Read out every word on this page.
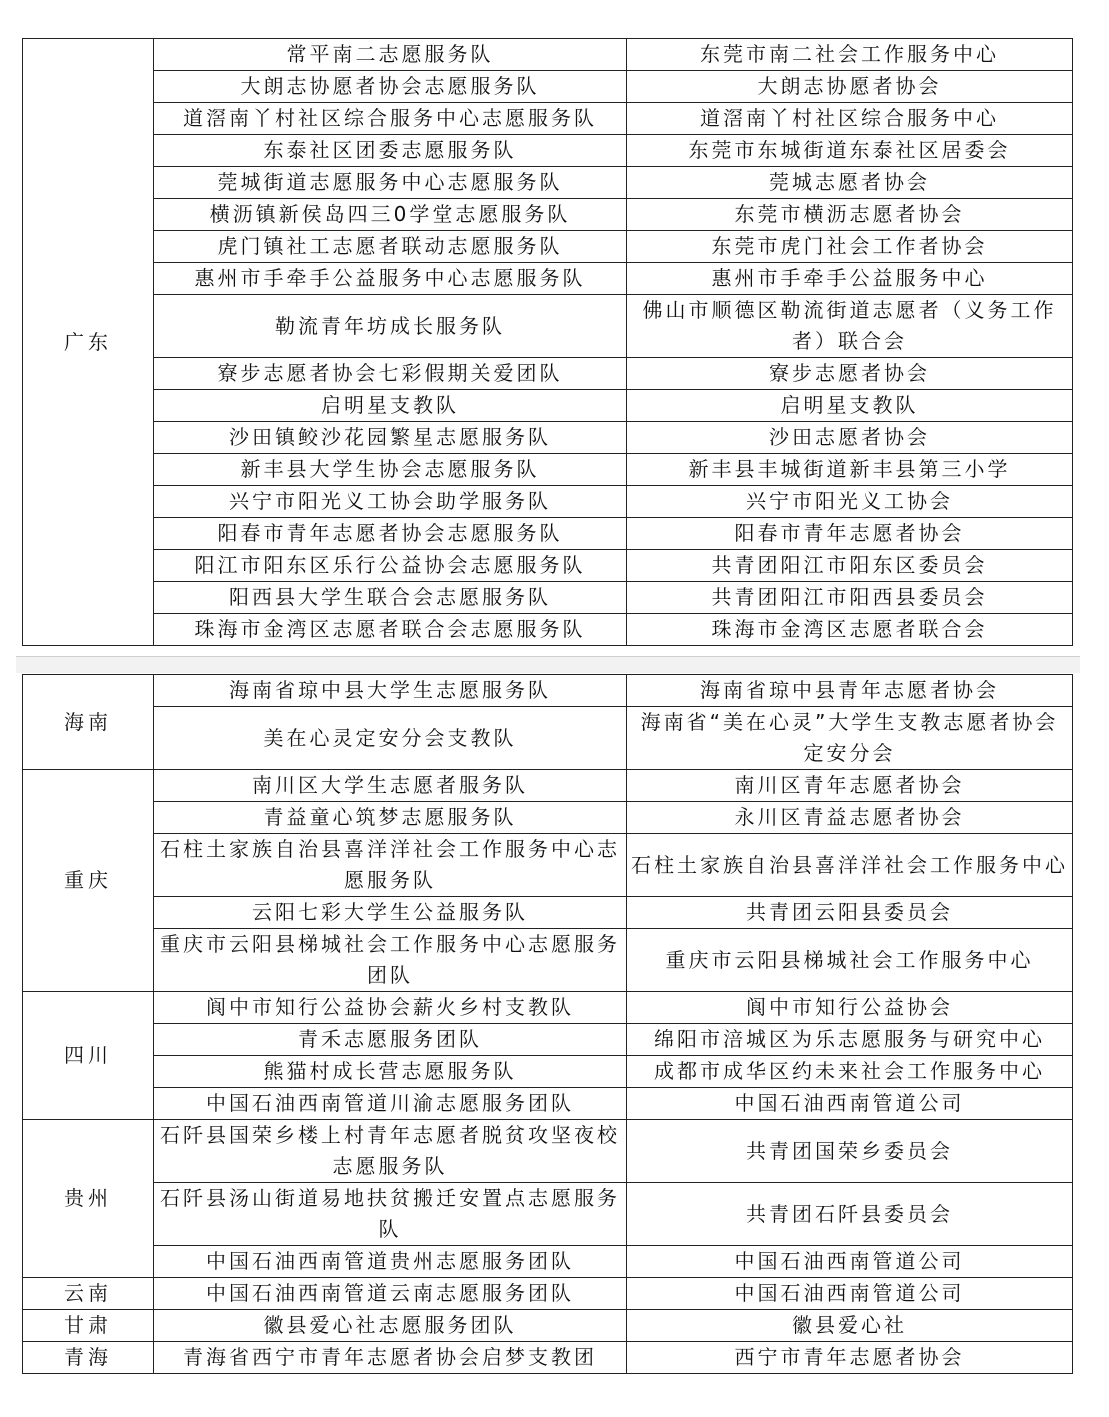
广东	常平南二志愿服务队	东莞市南二社会工作服务中心
	大朗志协愿者协会志愿服务队	大朗志协愿者协会
	道滘南丫村社区综合服务中心志愿服务队	道滘南丫村社区综合服务中心
	东泰社区团委志愿服务队	东莞市东城街道东泰社区居委会
	莞城街道志愿服务中心志愿服务队	莞城志愿者协会
	横沥镇新侯岛四三0学堂志愿服务队	东莞市横沥志愿者协会
	虎门镇社工志愿者联动志愿服务队	东莞市虎门社会工作者协会
	惠州市手牵手公益服务中心志愿服务队	惠州市手牵手公益服务中心
	勒流青年坊成长服务队	佛山市顺德区勒流街道志愿者（义务工作者）联合会
	寮步志愿者协会七彩假期关爱团队	寮步志愿者协会
	启明星支教队	启明星支教队
	沙田镇鲛沙花园繁星志愿服务队	沙田志愿者协会
	新丰县大学生协会志愿服务队	新丰县丰城街道新丰县第三小学
	兴宁市阳光义工协会助学服务队	兴宁市阳光义工协会
	阳春市青年志愿者协会志愿服务队	阳春市青年志愿者协会
	阳江市阳东区乐行公益协会志愿服务队	共青团阳江市阳东区委员会
	阳西县大学生联合会志愿服务队	共青团阳江市阳西县委员会
	珠海市金湾区志愿者联合会志愿服务队	珠海市金湾区志愿者联合会
海南	海南省琼中县大学生志愿服务队	海南省琼中县青年志愿者协会
	美在心灵定安分会支教队	海南省“美在心灵”大学生支教志愿者协会定安分会
重庆	南川区大学生志愿者服务队	南川区青年志愿者协会
	青益童心筑梦志愿服务队	永川区青益志愿者协会
	石柱土家族自治县喜洋洋社会工作服务中心志愿服务队	石柱土家族自治县喜洋洋社会工作服务中心
	云阳七彩大学生公益服务队	共青团云阳县委员会
	重庆市云阳县梯城社会工作服务中心志愿服务团队	重庆市云阳县梯城社会工作服务中心
四川	阆中市知行公益协会薪火乡村支教队	阆中市知行公益协会
	青禾志愿服务团队	绵阳市涪城区为乐志愿服务与研究中心
	熊猫村成长营志愿服务队	成都市成华区约未来社会工作服务中心
	中国石油西南管道川渝志愿服务团队	中国石油西南管道公司
贵州	石阡县国荣乡楼上村青年志愿者脱贫攻坚夜校志愿服务队	共青团国荣乡委员会
	石阡县汤山街道易地扶贫搬迁安置点志愿服务队	共青团石阡县委员会
	中国石油西南管道贵州志愿服务团队	中国石油西南管道公司
云南	中国石油西南管道云南志愿服务团队	中国石油西南管道公司
甘肃	徽县爱心社志愿服务团队	徽县爱心社
青海	青海省西宁市青年志愿者协会启梦支教团	西宁市青年志愿者协会
